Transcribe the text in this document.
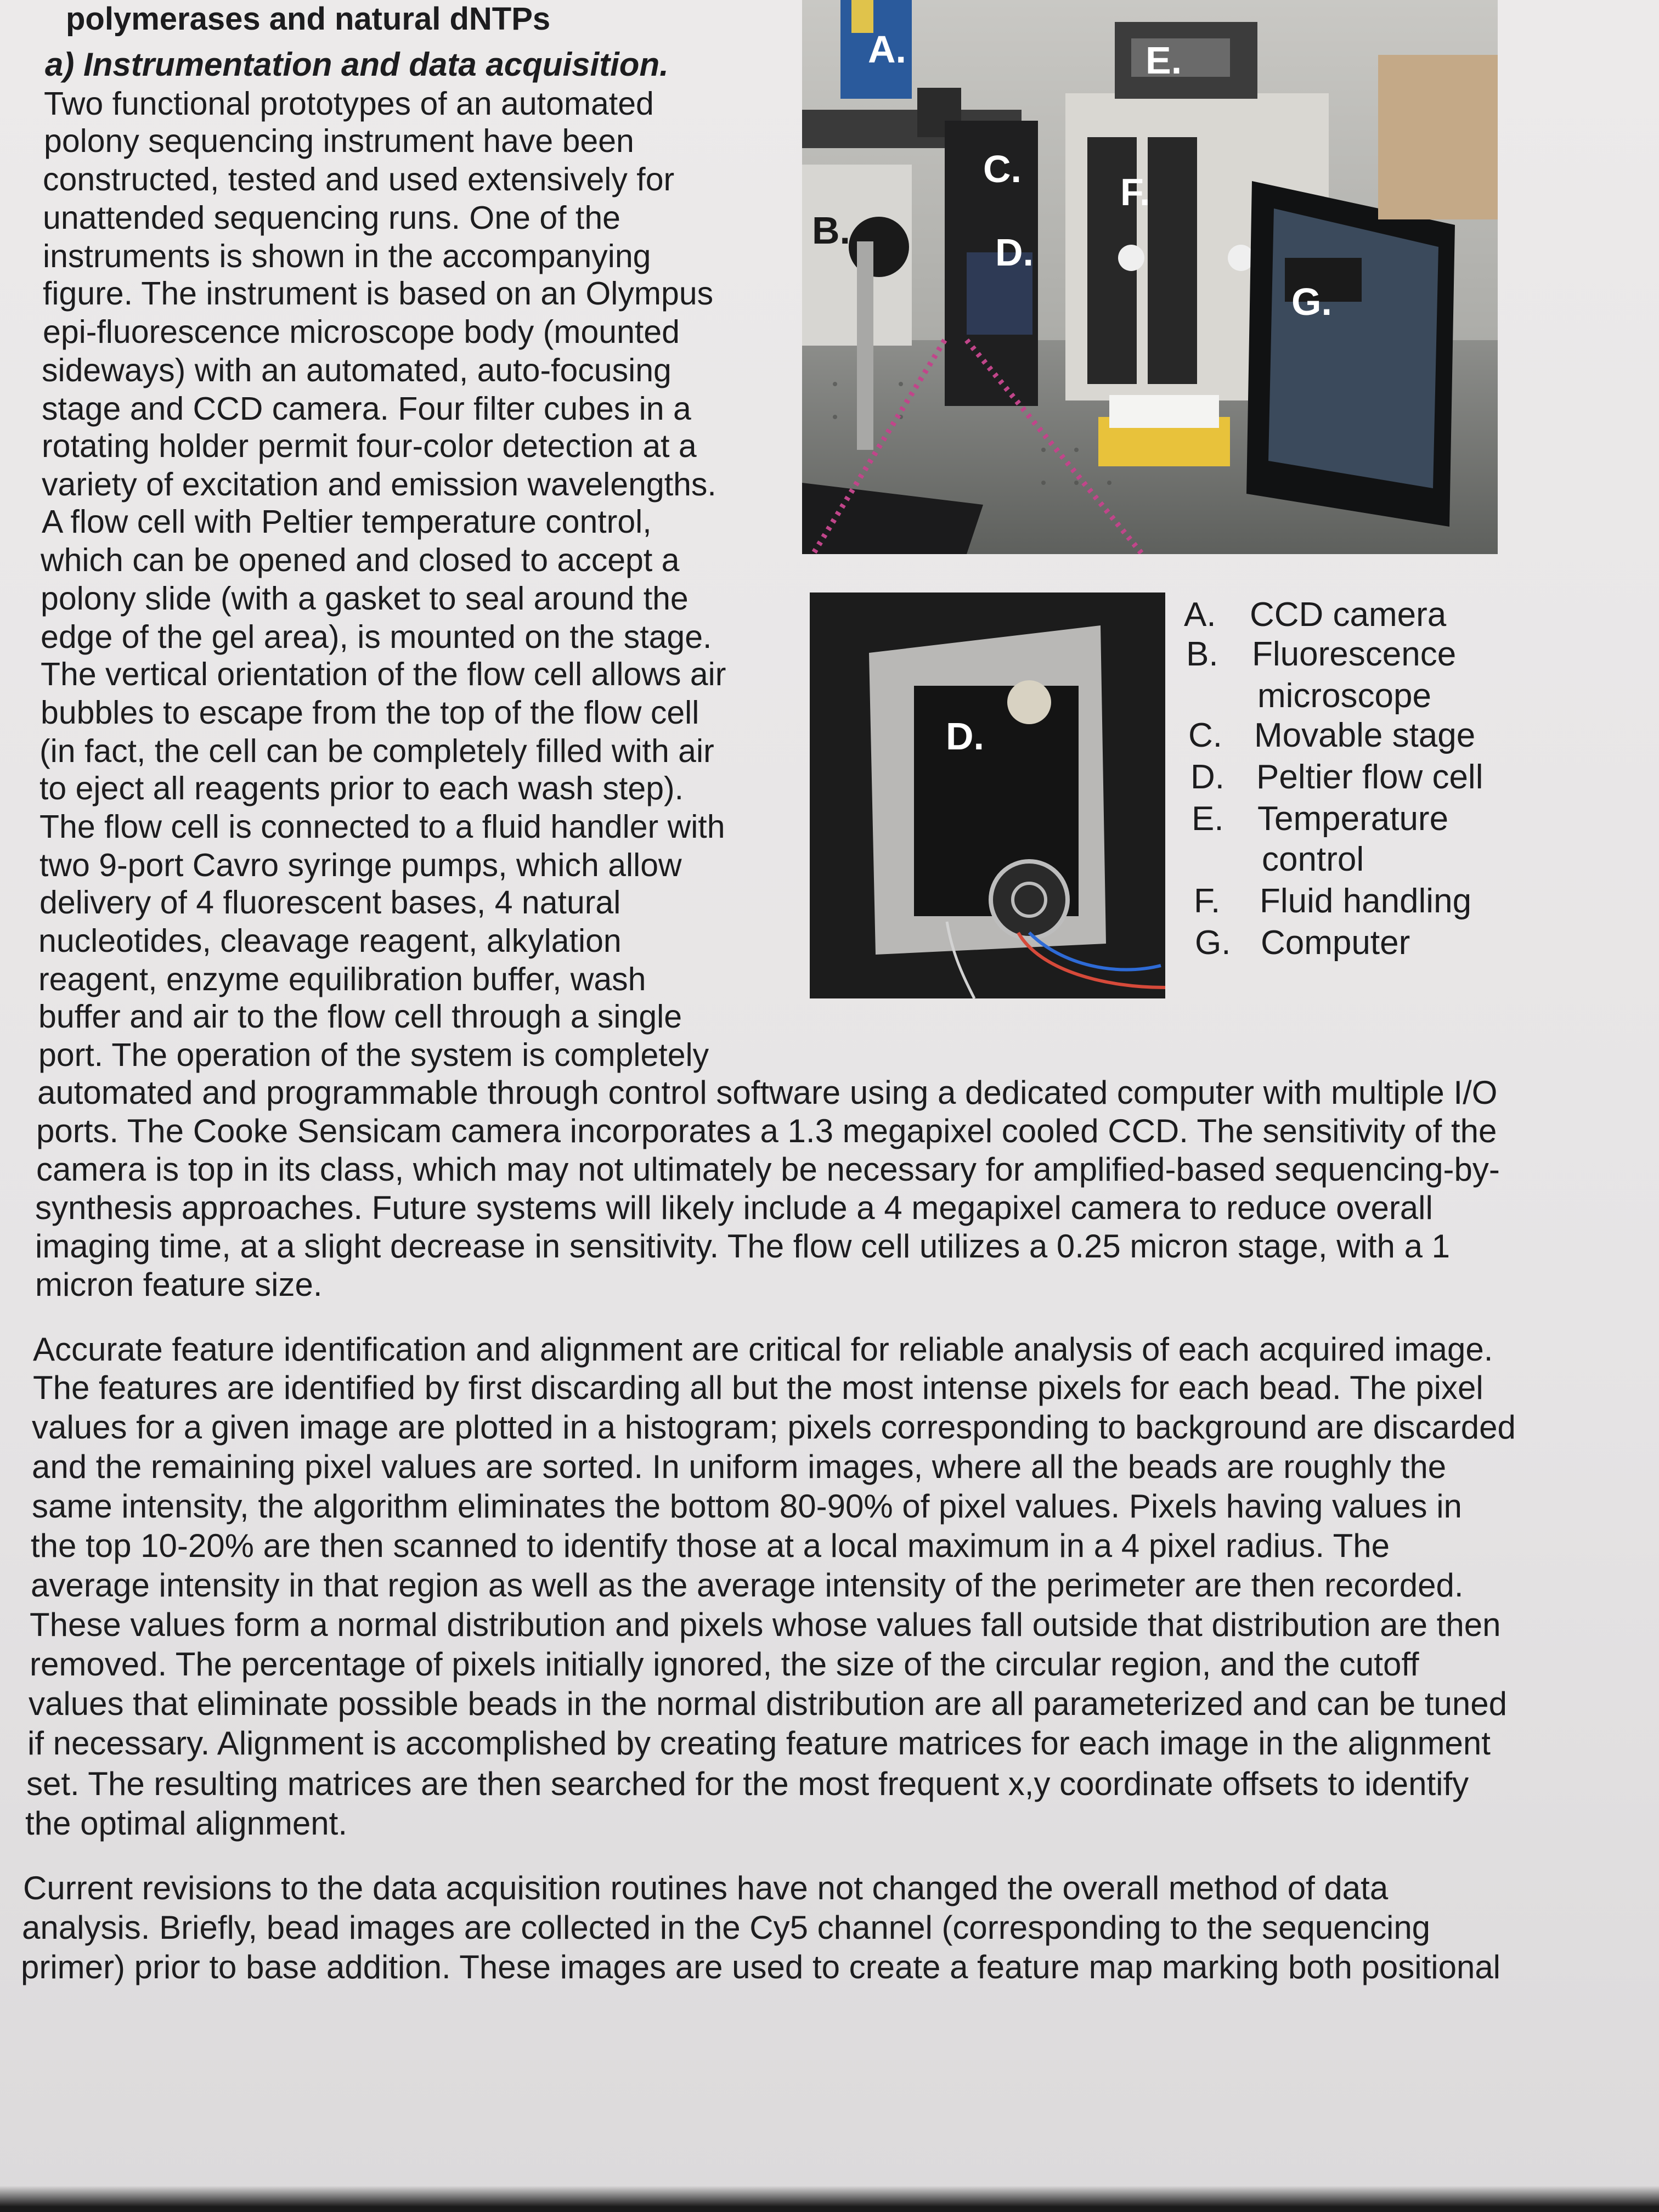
polymerases and natural dNTPs
a) Instrumentation and data acquisition.
Two functional prototypes of an automated
polony sequencing instrument have been
constructed, tested and used extensively for
unattended sequencing runs. One of the
instruments is shown in the accompanying
figure. The instrument is based on an Olympus
epi-fluorescence microscope body (mounted
sideways) with an automated, auto-focusing
stage and CCD camera. Four filter cubes in a
rotating holder permit four-color detection at a
variety of excitation and emission wavelengths.
A flow cell with Peltier temperature control,
which can be opened and closed to accept a
polony slide (with a gasket to seal around the
edge of the gel area), is mounted on the stage.
The vertical orientation of the flow cell allows air
bubbles to escape from the top of the flow cell
(in fact, the cell can be completely filled with air
to eject all reagents prior to each wash step).
The flow cell is connected to a fluid handler with
two 9-port Cavro syringe pumps, which allow
delivery of 4 fluorescent bases, 4 natural
nucleotides, cleavage reagent, alkylation
reagent, enzyme equilibration buffer, wash
buffer and air to the flow cell through a single
port. The operation of the system is completely
automated and programmable through control software using a dedicated computer with multiple I/O
ports. The Cooke Sensicam camera incorporates a 1.3 megapixel cooled CCD. The sensitivity of the
camera is top in its class, which may not ultimately be necessary for amplified-based sequencing-by-
synthesis approaches. Future systems will likely include a 4 megapixel camera to reduce overall
imaging time, at a slight decrease in sensitivity. The flow cell utilizes a 0.25 micron stage, with a 1
micron feature size.
Accurate feature identification and alignment are critical for reliable analysis of each acquired image.
The features are identified by first discarding all but the most intense pixels for each bead. The pixel
values for a given image are plotted in a histogram; pixels corresponding to background are discarded
and the remaining pixel values are sorted. In uniform images, where all the beads are roughly the
same intensity, the algorithm eliminates the bottom 80-90% of pixel values. Pixels having values in
the top 10-20% are then scanned to identify those at a local maximum in a 4 pixel radius. The
average intensity in that region as well as the average intensity of the perimeter are then recorded.
These values form a normal distribution and pixels whose values fall outside that distribution are then
removed. The percentage of pixels initially ignored, the size of the circular region, and the cutoff
values that eliminate possible beads in the normal distribution are all parameterized and can be tuned
if necessary. Alignment is accomplished by creating feature matrices for each image in the alignment
set. The resulting matrices are then searched for the most frequent x,y coordinate offsets to identify
the optimal alignment.
Current revisions to the data acquisition routines have not changed the overall method of data
analysis. Briefly, bead images are collected in the Cy5 channel (corresponding to the sequencing
primer) prior to base addition. These images are used to create a feature map marking both positional
A.
B.
C.
D.
E.
F.
G.
D.
A. CCD camera
B. Fluorescence
microscope
C. Movable stage
D. Peltier flow cell
E. Temperature
control
F. Fluid handling
G. Computer
